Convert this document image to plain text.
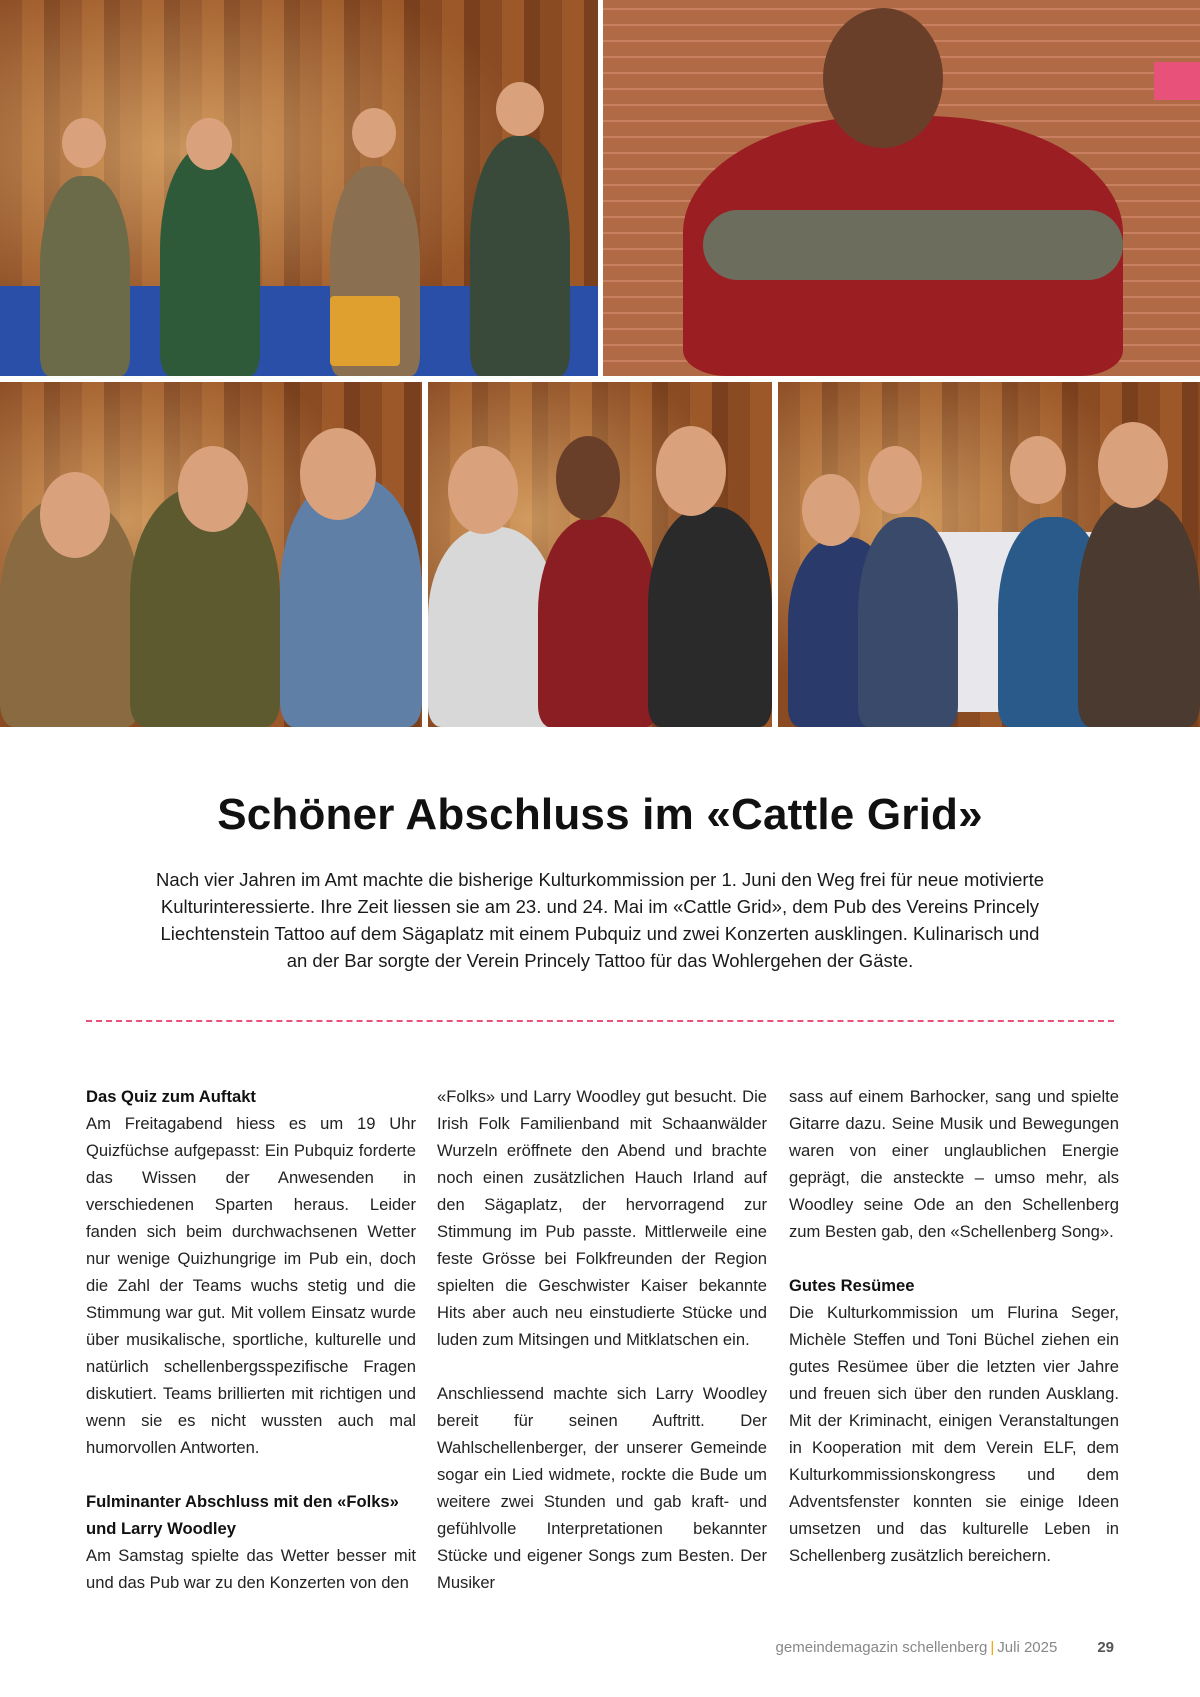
Schöner Abschluss im «Cattle Grid»
Nach vier Jahren im Amt machte die bisherige Kulturkommission per 1. Juni den Weg frei für neue motivierte Kulturinteressierte. Ihre Zeit liessen sie am 23. und 24. Mai im «Cattle Grid», dem Pub des Vereins Princely Liechtenstein Tattoo auf dem Sägaplatz mit einem Pubquiz und zwei Konzerten ausklingen. Kulinarisch und an der Bar sorgte der Verein Princely Tattoo für das Wohlergehen der Gäste.
Das Quiz zum Auftakt

Am Freitagabend hiess es um 19 Uhr Quizfüchse aufgepasst: Ein Pubquiz forderte das Wissen der Anwesenden in verschiedenen Sparten heraus. Leider fanden sich beim durchwachsenen Wetter nur wenige Quizhungrige im Pub ein, doch die Zahl der Teams wuchs stetig und die Stimmung war gut. Mit vollem Einsatz wurde über musikalische, sportliche, kulturelle und natürlich schellenbergsspezifische Fragen diskutiert. Teams brillierten mit richtigen und wenn sie es nicht wussten auch mal humorvollen Antworten.

Fulminanter Abschluss mit den «Folks» und Larry Woodley

Am Samstag spielte das Wetter besser mit und das Pub war zu den Konzerten von den

«Folks» und Larry Woodley gut besucht. Die Irish Folk Familienband mit Schaanwälder Wurzeln eröffnete den Abend und brachte noch einen zusätzlichen Hauch Irland auf den Sägaplatz, der hervorragend zur Stimmung im Pub passte. Mittlerweile eine feste Grösse bei Folkfreunden der Region spielten die Geschwister Kaiser bekannte Hits aber auch neu einstudierte Stücke und luden zum Mitsingen und Mitklatschen ein.

Anschliessend machte sich Larry Woodley bereit für seinen Auftritt. Der Wahlschellenberger, der unserer Gemeinde sogar ein Lied widmete, rockte die Bude um weitere zwei Stunden und gab kraft- und gefühlvolle Interpretationen bekannter Stücke und eigener Songs zum Besten. Der Musiker

sass auf einem Barhocker, sang und spielte Gitarre dazu. Seine Musik und Bewegungen waren von einer unglaublichen Energie geprägt, die ansteckte – umso mehr, als Woodley seine Ode an den Schellenberg zum Besten gab, den «Schellenberg Song».

Gutes Resümee

Die Kulturkommission um Flurina Seger, Michèle Steffen und Toni Büchel ziehen ein gutes Resümee über die letzten vier Jahre und freuen sich über den runden Ausklang. Mit der Kriminacht, einigen Veranstaltungen in Kooperation mit dem Verein ELF, dem Kulturkommissionskongress und dem Adventsfenster konnten sie einige Ideen umsetzen und das kulturelle Leben in Schellenberg zusätzlich bereichern.

gemeindemagazin schellenberg | Juli 2025	29
